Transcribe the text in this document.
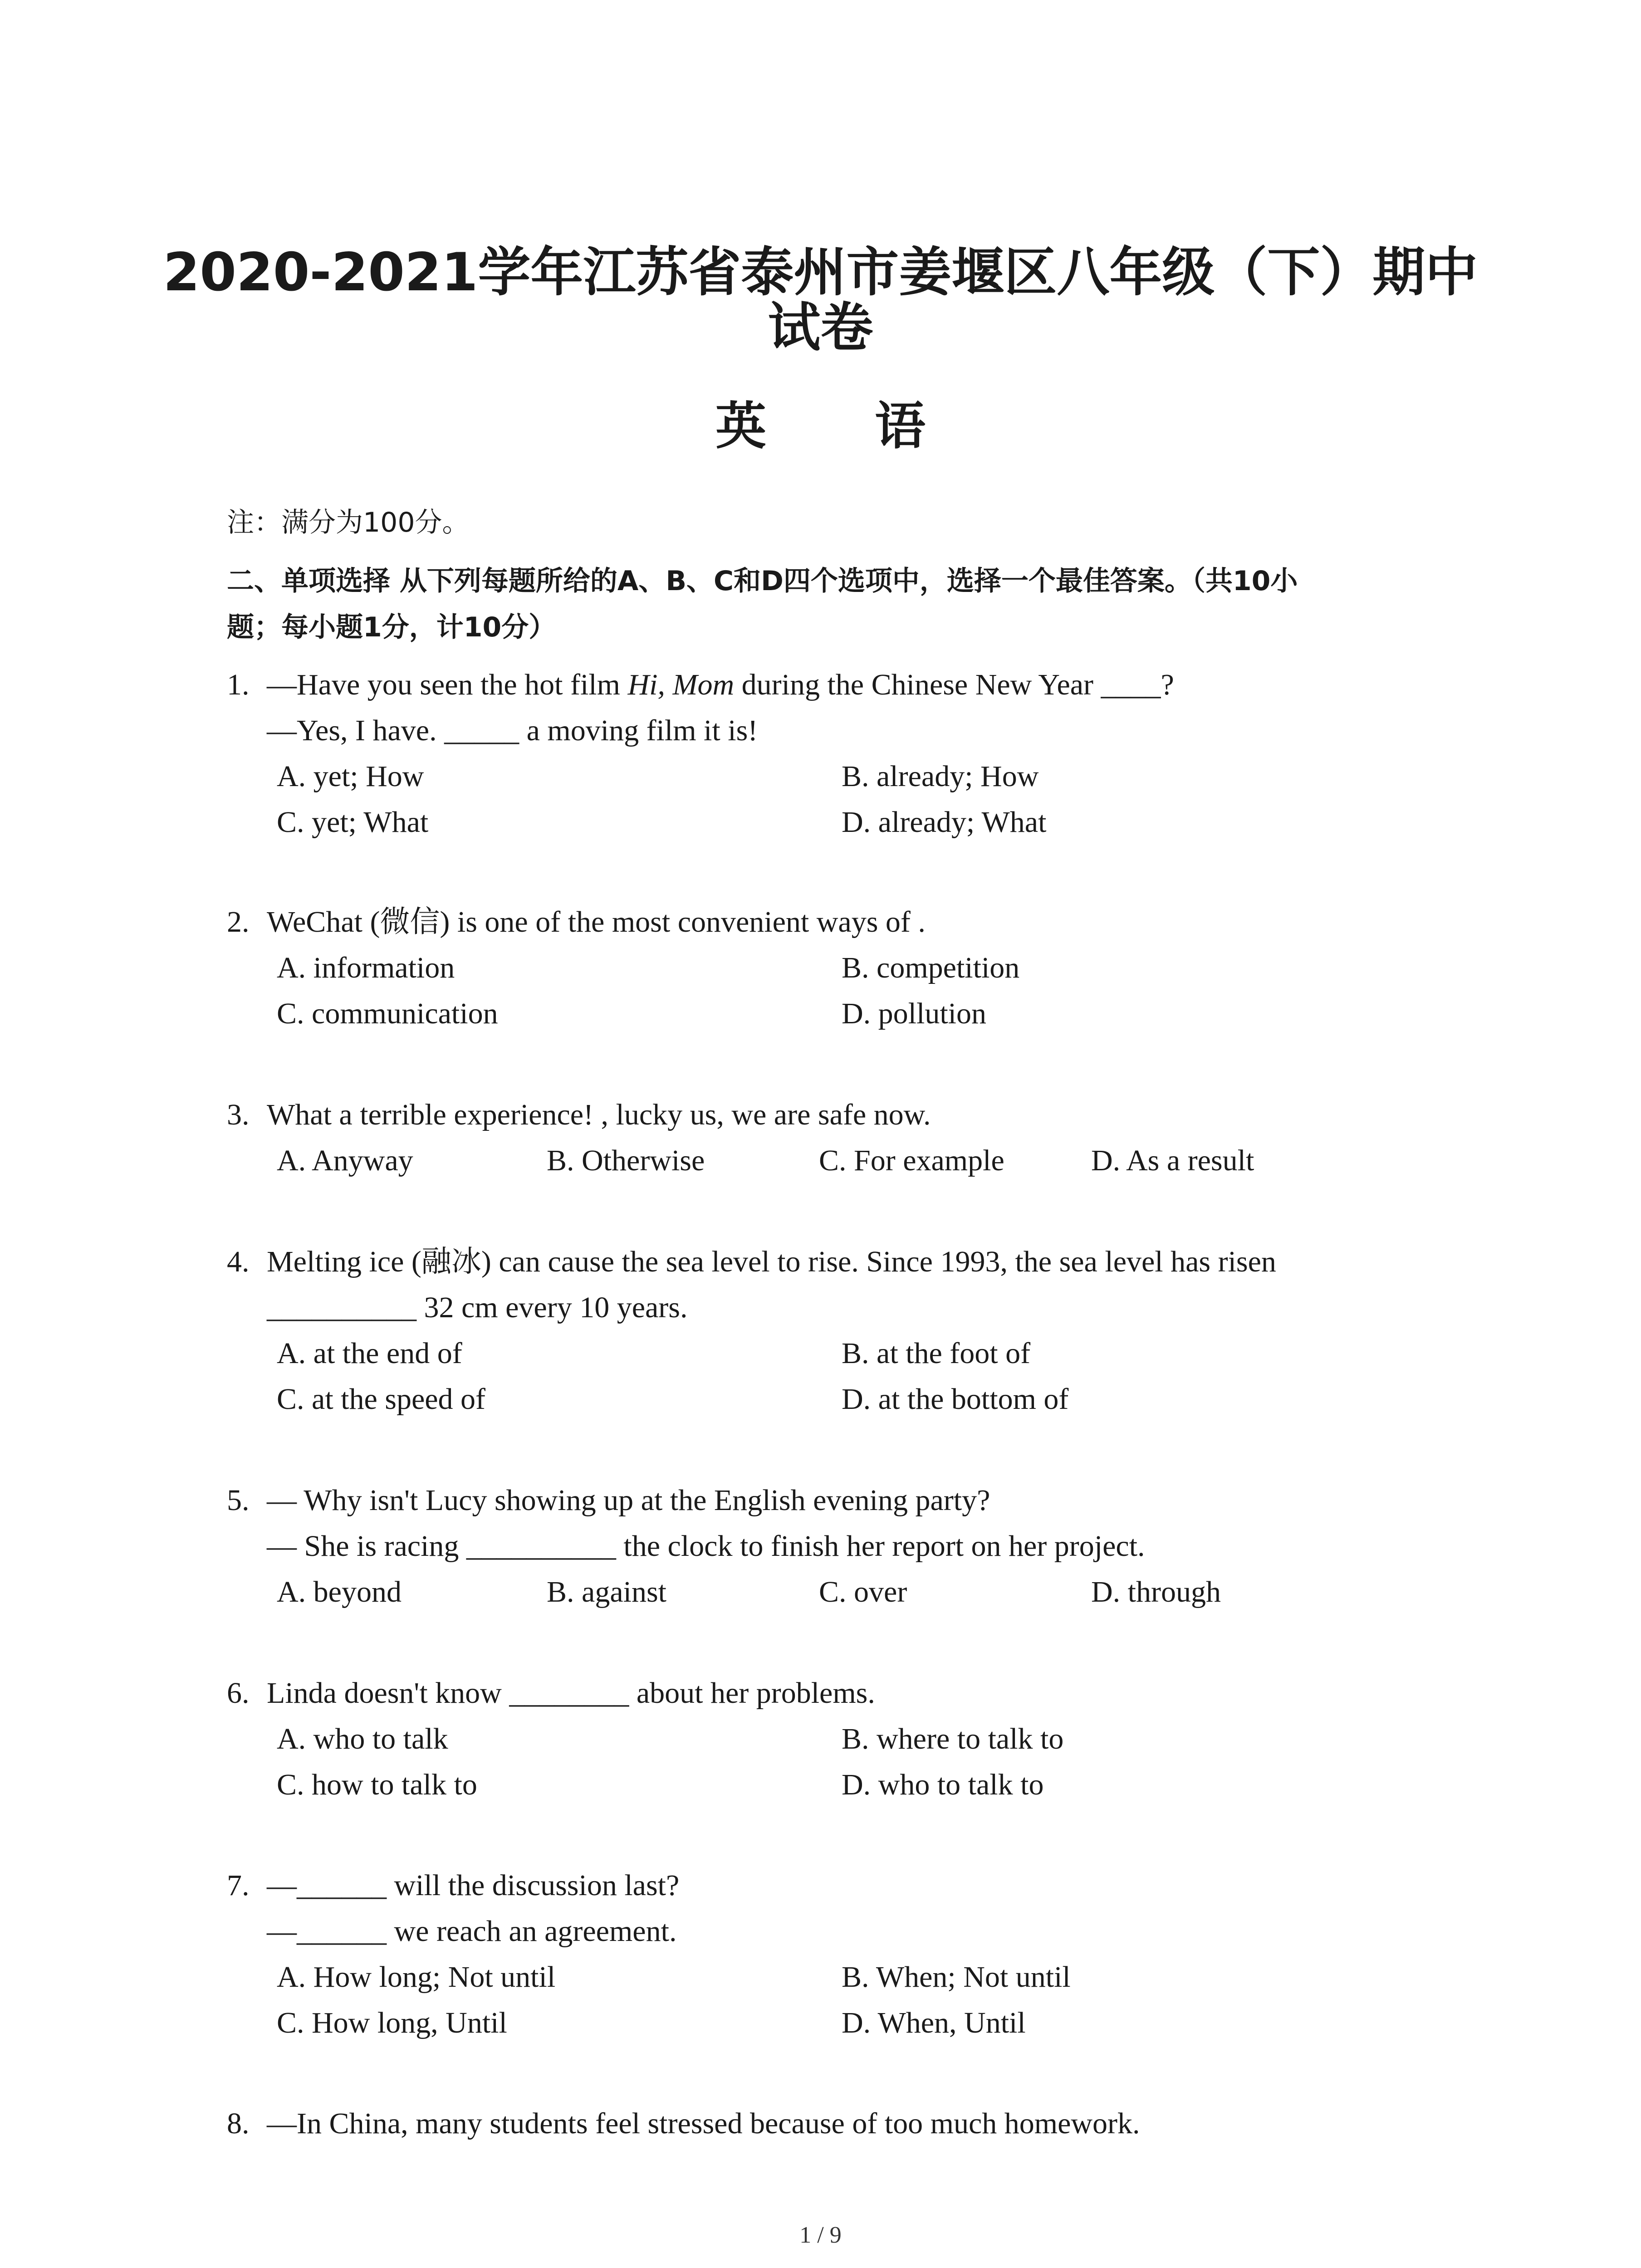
2020-2021学年江苏省泰州市姜堰区八年级（下）期中
试卷
英 语
注：满分为100分。
二、单项选择 从下列每题所给的A、B、C和D四个选项中，选择一个最佳答案。（共10小
题；每小题1分，计10分）
1. —Have you seen the hot film Hi, Mom during the Chinese New Year ____?
—Yes, I have. _____ a moving film it is!
A. yet; How	B. already; How
C. yet; What	D. already; What
2. WeChat (微信) is one of the most convenient ways of .
A. information	B. competition
C. communication	D. pollution
3. What a terrible experience! , lucky us, we are safe now.
A. Anyway	B. Otherwise	C. For example	D. As a result
4. Melting ice (融冰) can cause the sea level to rise. Since 1993, the sea level has risen
__________ 32 cm every 10 years.
A. at the end of	B. at the foot of
C. at the speed of	D. at the bottom of
5. — Why isn't Lucy showing up at the English evening party?
— She is racing __________ the clock to finish her report on her project.
A. beyond	B. against	C. over	D. through
6. Linda doesn't know ________ about her problems.
A. who to talk	B. where to talk to
C. how to talk to	D. who to talk to
7. —______ will the discussion last?
—______ we reach an agreement.
A. How long; Not until	B. When; Not until
C. How long, Until	D. When, Until
8. —In China, many students feel stressed because of too much homework.
1 / 9
